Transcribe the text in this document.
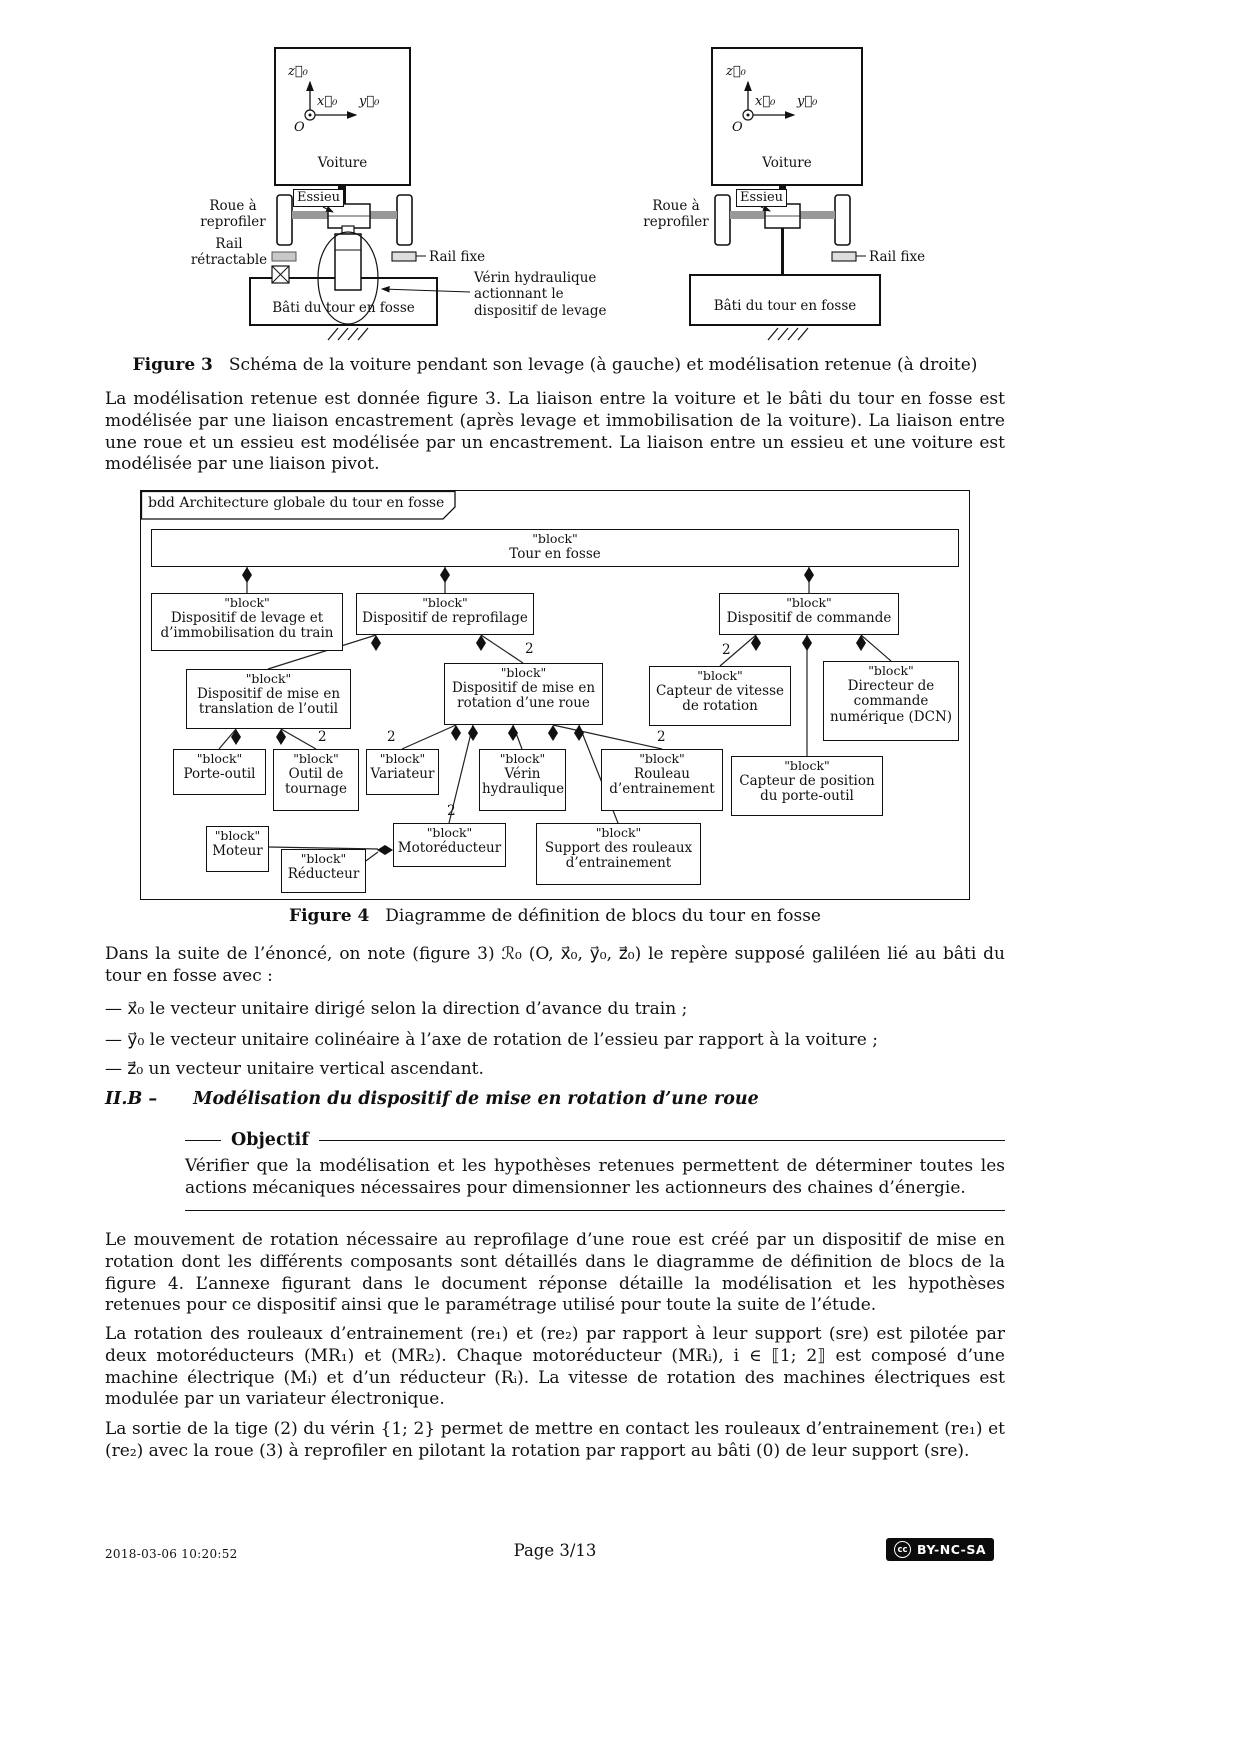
z⃗₀
x⃗₀ y⃗₀
O
Voiture
Essieu
Roue à reprofiler
Rail rétractable	Rail fixe
Bâti du tour en fosse
Vérin hydraulique actionnant le dispositif de levage
z⃗₀
x⃗₀ y⃗₀
O
Voiture
Essieu
Roue à reprofiler
Rail fixe
Bâti du tour en fosse
Figure 3 Schéma de la voiture pendant son levage (à gauche) et modélisation retenue (à droite)
La modélisation retenue est donnée figure 3. La liaison entre la voiture et le bâti du tour en fosse est modélisée par une liaison encastrement (après levage et immobilisation de la voiture). La liaison entre une roue et un essieu est modélisée par un encastrement. La liaison entre un essieu et une voiture est modélisée par une liaison pivot.
bdd Architecture globale du tour en fosse
"block"
Tour en fosse
"block"
Dispositif de levage et d’immobilisation du train
"block"
Dispositif de reprofilage
"block"
Dispositif de commande
"block"
Dispositif de mise en translation de l’outil
"block"
Dispositif de mise en rotation d’une roue
"block"
Capteur de vitesse de rotation
"block"
Directeur de commande numérique (DCN)
"block"
Porte-outil
"block"
Outil de tournage
"block"
Variateur
"block"
Vérin hydraulique
"block"
Rouleau d’entrainement
"block"
Capteur de position du porte-outil
"block"
Moteur
"block"
Motoréducteur
"block"
Support des rouleaux d’entrainement
"block"
Réducteur
2	2
2	2	2
2
Figure 4 Diagramme de définition de blocs du tour en fosse
Dans la suite de l’énoncé, on note (figure 3) ℛ₀ (O, x⃗₀, y⃗₀, z⃗₀) le repère supposé galiléen lié au bâti du tour en fosse avec :
— x⃗₀ le vecteur unitaire dirigé selon la direction d’avance du train ;
— y⃗₀ le vecteur unitaire colinéaire à l’axe de rotation de l’essieu par rapport à la voiture ;
— z⃗₀ un vecteur unitaire vertical ascendant.
II.B – Modélisation du dispositif de mise en rotation d’une roue
Objectif
Vérifier que la modélisation et les hypothèses retenues permettent de déterminer toutes les actions mécaniques nécessaires pour dimensionner les actionneurs des chaines d’énergie.
Le mouvement de rotation nécessaire au reprofilage d’une roue est créé par un dispositif de mise en rotation dont les différents composants sont détaillés dans le diagramme de définition de blocs de la figure 4. L’annexe figurant dans le document réponse détaille la modélisation et les hypothèses retenues pour ce dispositif ainsi que le paramétrage utilisé pour toute la suite de l’étude.
La rotation des rouleaux d’entrainement (re₁) et (re₂) par rapport à leur support (sre) est pilotée par deux motoréducteurs (MR₁) et (MR₂). Chaque motoréducteur (MRᵢ), i ∈ ⟦1; 2⟧ est composé d’une machine électrique (Mᵢ) et d’un réducteur (Rᵢ). La vitesse de rotation des machines électriques est modulée par un variateur électronique.
La sortie de la tige (2) du vérin {1; 2} permet de mettre en contact les rouleaux d’entrainement (re₁) et (re₂) avec la roue (3) à reprofiler en pilotant la rotation par rapport au bâti (0) de leur support (sre).
2018-03-06 10:20:52	Page 3/13	cc BY-NC-SA
